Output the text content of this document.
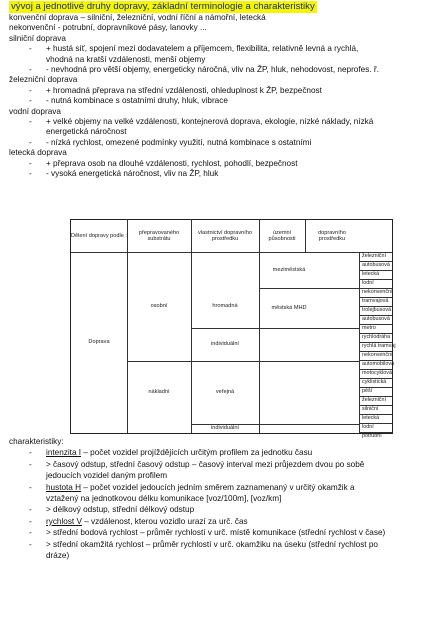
vývoj a jednotlivé druhy dopravy, základní terminologie a charakteristiky
konvenční doprava – silniční, železniční, vodní říční a námořní, letecká
nekonvenční - potrubní, dopravníkové pásy, lanovky ...
silniční doprava
- + hustá síť, spojení mezi dodavatelem a příjemcem, flexibilita, relativně levná a rychlá,
vhodná na kratší vzdálenosti, menší objemy
- - nevhodná pro větší objemy, energeticky náročná, vliv na ŽP, hluk, nehodovost, neprofes. ř.
železniční doprava
- + hromadná přeprava na střední vzdálenosti, ohleduplnost k ŽP, bezpečnost
- - nutná kombinace s ostatními druhy, hluk, vibrace
vodní doprava
- + velké objemy na velké vzdálenosti, kontejnerová doprava, ekologie, nízké náklady, nízká
energetická náročnost
- - nízká rychlost, omezené podmínky využití, nutná kombinace s ostatními
letecká doprava
- + přeprava osob na dlouhé vzdálenosti, rychlost, pohodlí, bezpečnost
- - vysoká energetická náročnost, vliv na ŽP, hluk
charakteristiky:
- intenzita I – počet vozidel projíždějících určitým profilem za jednotku času
- > časový odstup, střední časový odstup – časový interval mezi průjezdem dvou po sobě
jedoucích vozidel daným profilem
- hustota H – počet vozidel jedoucích jedním směrem zaznamenaný v určitý okamžik a
vztažený na jednotkovou délku komunikace [voz/100m], [voz/km]
- > délkový odstup, střední délkový odstup
- rychlost V – vzdálenost, kterou vozidlo urazí za urč. čas
- > střední bodová rychlost – průměr rychlostí v urč. místě komunikace (střední rychlost v čase)
- > střední okamžitá rychlost – průměr rychlostí v urč. okamžiku na úseku (střední rychlost po
dráze)
Dělení dopravy podle :
přepravovaného substrátu
vlastnictví dopravního prostředku
územní působnosti
dopravního prostředku
Doprava
osobní
nákladní
hromadná
individuální
veřejná
individuální
meziměstská
městská MHD
železniční
autobusová
letecká
lodní
nekonvenční
tramvajová
trolejbusová
autobusová
metro
rychlodráha
rychlá tramvaj
nekonvenční
automobilová
motocyklová
cyklistická
pěší
železniční
silniční
letecká
lodní
potrubní
